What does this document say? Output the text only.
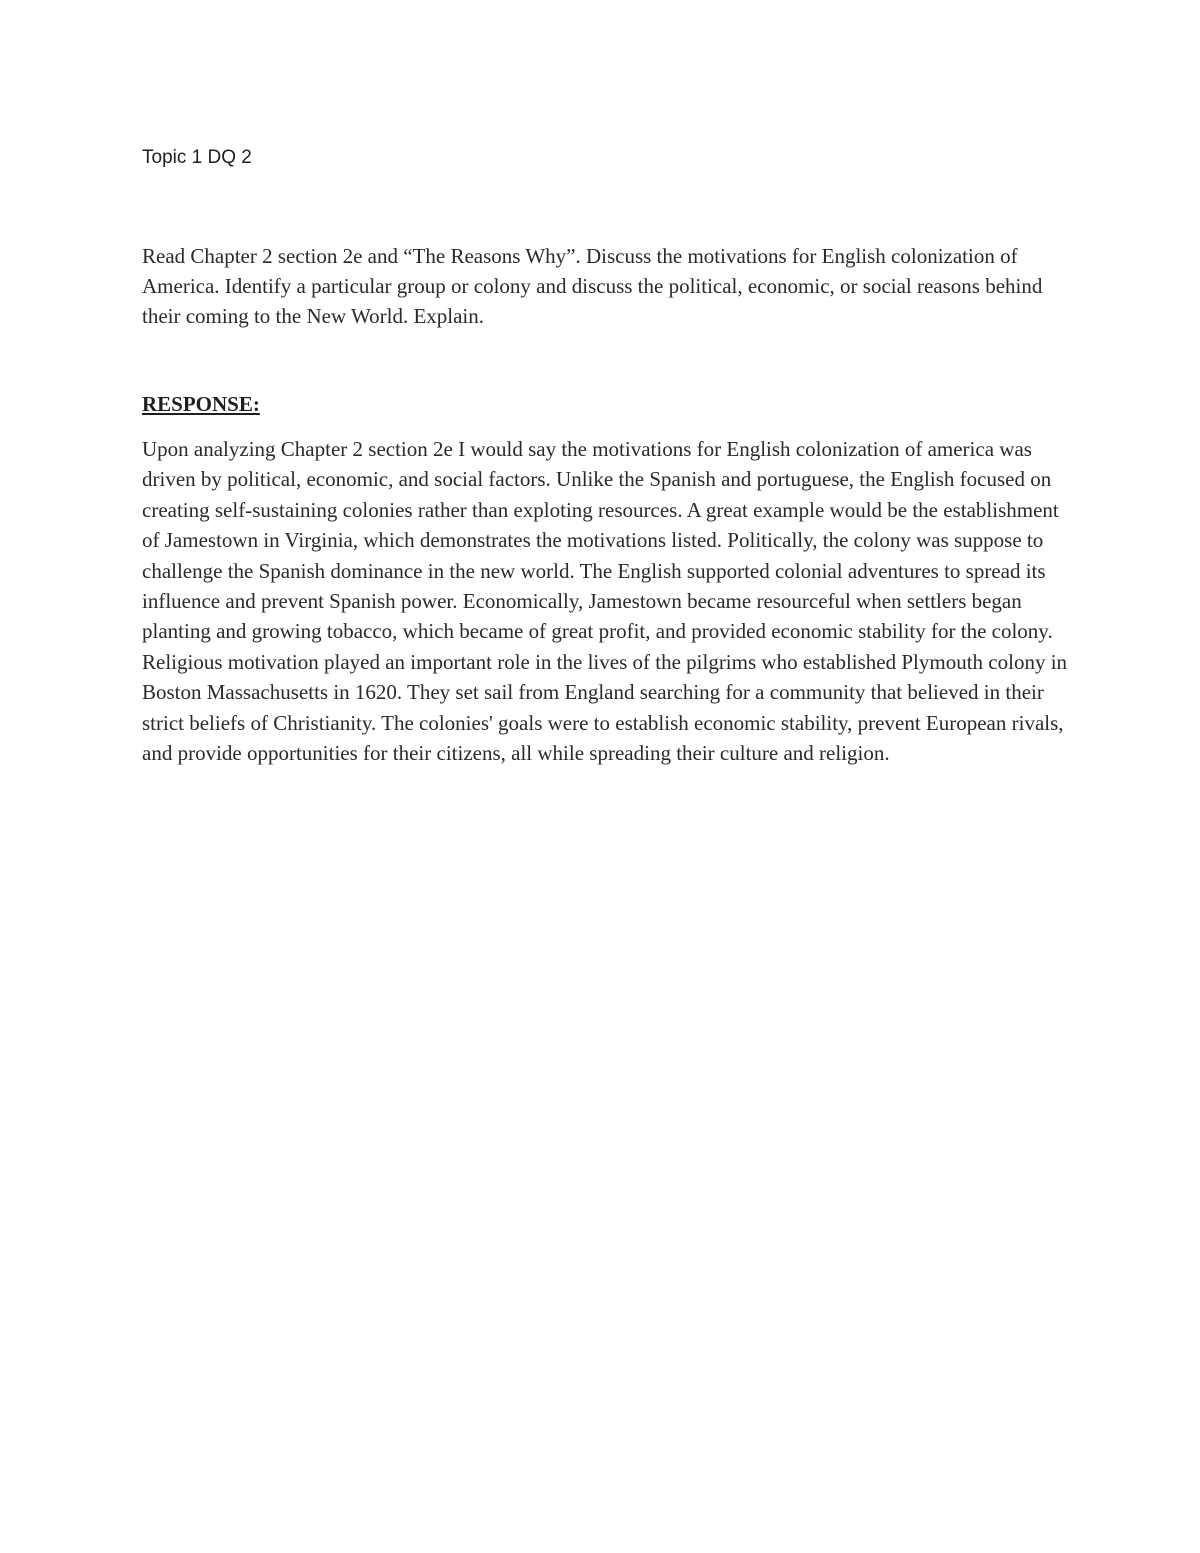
Topic 1 DQ 2

Read Chapter 2 section 2e and “The Reasons Why”. Discuss the motivations for English colonization of America. Identify a particular group or colony and discuss the political, economic, or social reasons behind their coming to the New World. Explain.

RESPONSE:

Upon analyzing Chapter 2 section 2e I would say the motivations for English colonization of america was driven by political, economic, and social factors. Unlike the Spanish and portuguese, the English focused on creating self-sustaining colonies rather than exploting resources. A great example would be the establishment of Jamestown in Virginia, which demonstrates the motivations listed. Politically, the colony was suppose to challenge the Spanish dominance in the new world. The English supported colonial adventures to spread its influence and prevent Spanish power. Economically, Jamestown became resourceful when settlers began planting and growing tobacco, which became of great profit, and provided economic stability for the colony. Religious motivation played an important role in the lives of the pilgrims who established Plymouth colony in Boston Massachusetts in 1620. They set sail from England searching for a community that believed in their strict beliefs of Christianity. The colonies' goals were to establish economic stability, prevent European rivals, and provide opportunities for their citizens, all while spreading their culture and religion.
